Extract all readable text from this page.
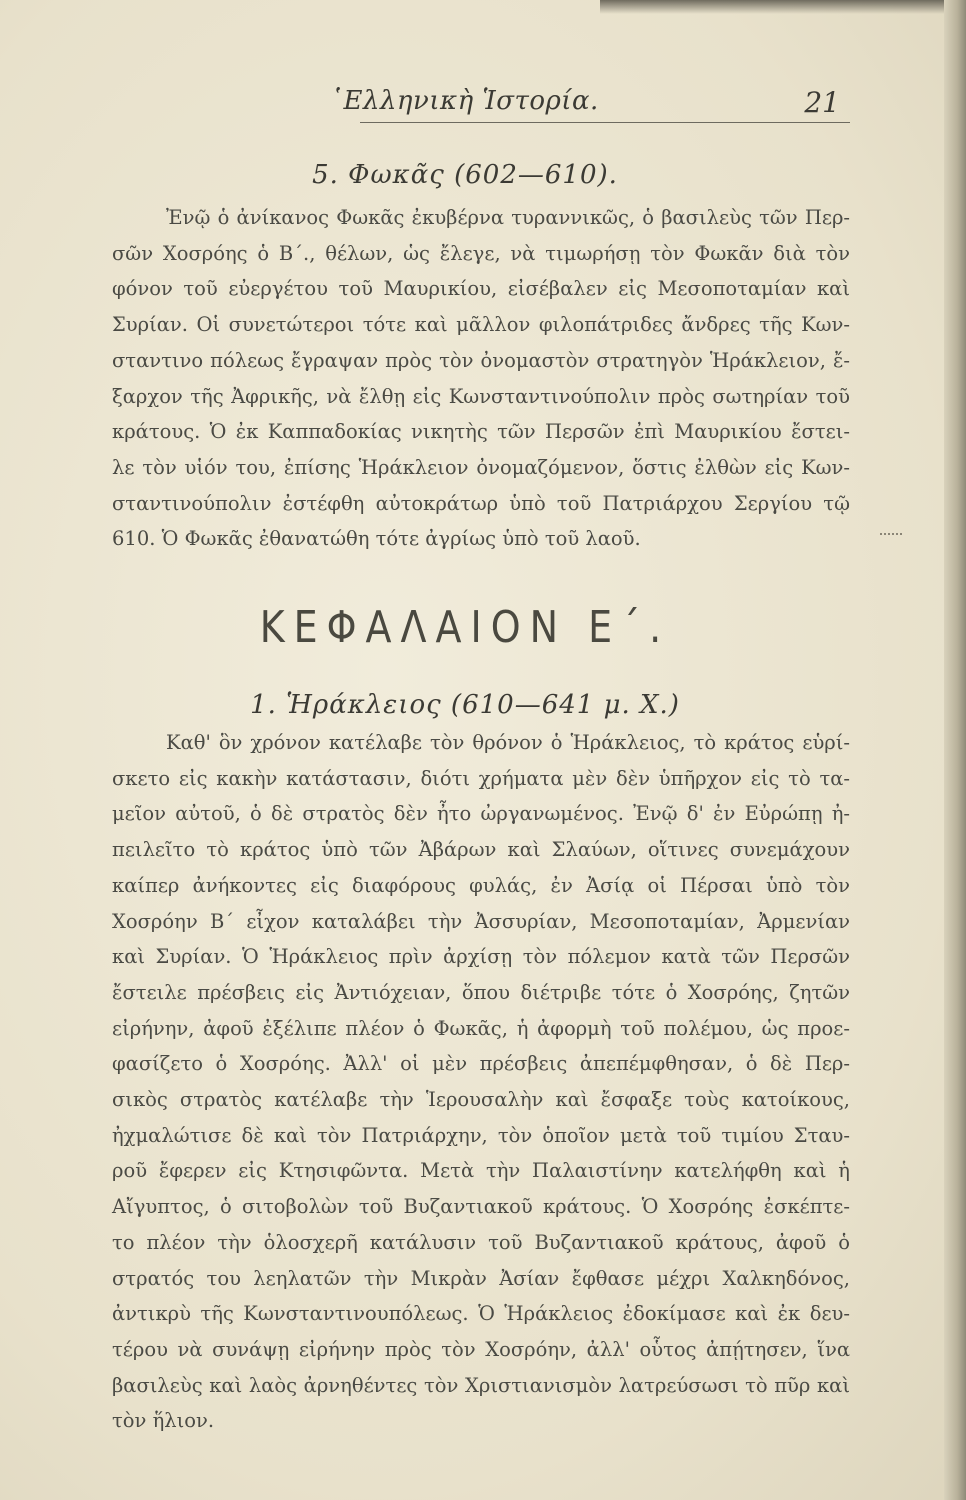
῾Ελληνικὴ Ἱστορία.	21
5. Φωκᾶς (602—610).
Ἐνῷ ὁ ἀνίκανος Φωκᾶς ἐκυβέρνα τυραννικῶς, ὁ βασιλεὺς τῶν Περ-
σῶν Χοσρόης ὁ Β΄., θέλων, ὡς ἔλεγε, νὰ τιμωρήσῃ τὸν Φωκᾶν διὰ τὸν
φόνον τοῦ εὐεργέτου τοῦ Μαυρικίου, εἰσέβαλεν εἰς Μεσοποταμίαν καὶ
Συρίαν. Οἱ συνετώτεροι τότε καὶ μᾶλλον φιλοπάτριδες ἄνδρες τῆς Κων-
σταντινο πόλεως ἔγραψαν πρὸς τὸν ὀνομαστὸν στρατηγὸν Ἡράκλειον, ἔ-
ξαρχον τῆς Ἀφρικῆς, νὰ ἔλθῃ εἰς Κωνσταντινούπολιν πρὸς σωτηρίαν τοῦ
κράτους. Ὁ ἐκ Καππαδοκίας νικητὴς τῶν Περσῶν ἐπὶ Μαυρικίου ἔστει-
λε τὸν υἱόν του, ἐπίσης Ἡράκλειον ὀνομαζόμενον, ὅστις ἐλθὼν εἰς Κων-
σταντινούπολιν ἐστέφθη αὐτοκράτωρ ὑπὸ τοῦ Πατριάρχου Σεργίου τῷ
610. Ὁ Φωκᾶς ἐθανατώθη τότε ἀγρίως ὑπὸ τοῦ λαοῦ.
ΚΕΦΑΛΑΙΟΝ Ε΄.
1. Ἡράκλειος (610—641 μ. Χ.)
Καθ' ὃν χρόνον κατέλαβε τὸν θρόνον ὁ Ἡράκλειος, τὸ κράτος εὑρί-
σκετο εἰς κακὴν κατάστασιν, διότι χρήματα μὲν δὲν ὑπῆρχον εἰς τὸ τα-
μεῖον αὐτοῦ, ὁ δὲ στρατὸς δὲν ἦτο ὠργανωμένος. Ἐνῷ δ' ἐν Εὐρώπῃ ἠ-
πειλεῖτο τὸ κράτος ὑπὸ τῶν Ἀβάρων καὶ Σλαύων, οἵτινες συνεμάχουν
καίπερ ἀνήκοντες εἰς διαφόρους φυλάς, ἐν Ἀσίᾳ οἱ Πέρσαι ὑπὸ τὸν
Χοσρόην Β΄ εἶχον καταλάβει τὴν Ἀσσυρίαν, Μεσοποταμίαν, Ἀρμενίαν
καὶ Συρίαν. Ὁ Ἡράκλειος πρὶν ἀρχίσῃ τὸν πόλεμον κατὰ τῶν Περσῶν
ἔστειλε πρέσβεις εἰς Ἀντιόχειαν, ὅπου διέτριβε τότε ὁ Χοσρόης, ζητῶν
εἰρήνην, ἀφοῦ ἐξέλιπε πλέον ὁ Φωκᾶς, ἡ ἀφορμὴ τοῦ πολέμου, ὡς προε-
φασίζετο ὁ Χοσρόης. Ἀλλ' οἱ μὲν πρέσβεις ἀπεπέμφθησαν, ὁ δὲ Περ-
σικὸς στρατὸς κατέλαβε τὴν Ἱερουσαλὴν καὶ ἔσφαξε τοὺς κατοίκους,
ἠχμαλώτισε δὲ καὶ τὸν Πατριάρχην, τὸν ὁποῖον μετὰ τοῦ τιμίου Σταυ-
ροῦ ἔφερεν εἰς Κτησιφῶντα. Μετὰ τὴν Παλαιστίνην κατελήφθη καὶ ἡ
Αἴγυπτος, ὁ σιτοβολὼν τοῦ Βυζαντιακοῦ κράτους. Ὁ Χοσρόης ἐσκέπτε-
το πλέον τὴν ὁλοσχερῆ κατάλυσιν τοῦ Βυζαντιακοῦ κράτους, ἀφοῦ ὁ
στρατός του λεηλατῶν τὴν Μικρὰν Ἀσίαν ἔφθασε μέχρι Χαλκηδόνος,
ἀντικρὺ τῆς Κωνσταντινουπόλεως. Ὁ Ἡράκλειος ἐδοκίμασε καὶ ἐκ δευ-
τέρου νὰ συνάψῃ εἰρήνην πρὸς τὸν Χοσρόην, ἀλλ' οὗτος ἀπῄτησεν, ἵνα
βασιλεὺς καὶ λαὸς ἀρνηθέντες τὸν Χριστιανισμὸν λατρεύσωσι τὸ πῦρ καὶ
τὸν ἥλιον.
